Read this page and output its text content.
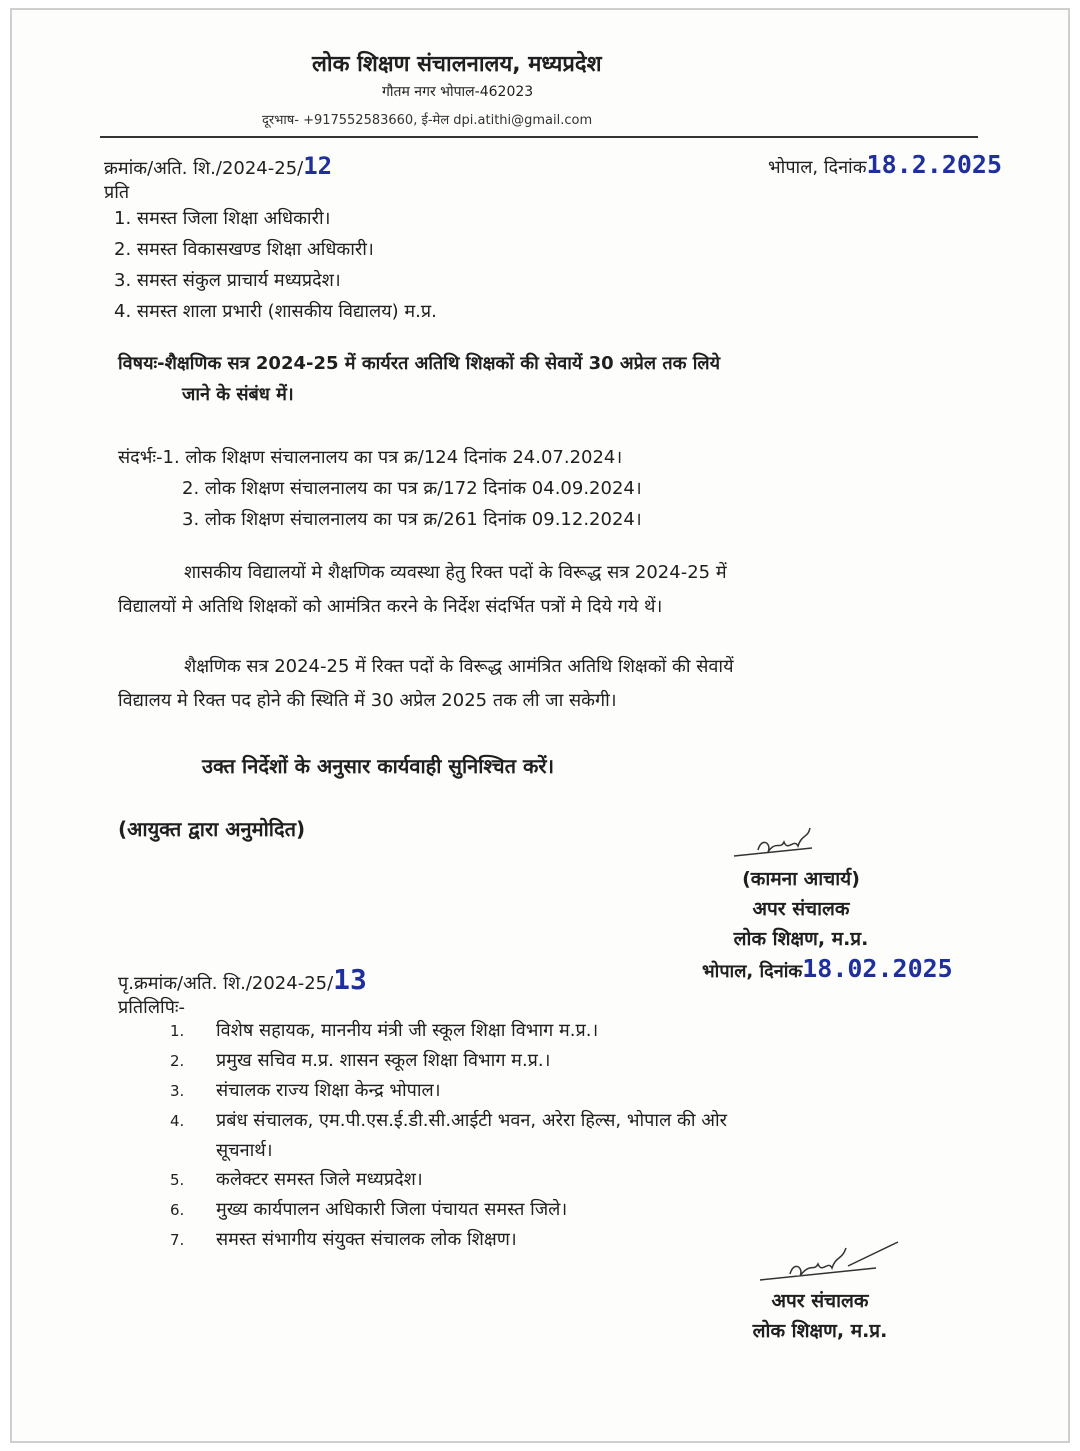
लोक शिक्षण संचालनालय, मध्यप्रदेश
गौतम नगर भोपाल-462023
दूरभाष- +917552583660, ई-मेल dpi.atithi@gmail.com
क्रमांक/अति. शि./2024-25/12	भोपाल, दिनांक18.2.2025
प्रति
1. समस्त जिला शिक्षा अधिकारी।
2. समस्त विकासखण्ड शिक्षा अधिकारी।
3. समस्त संकुल प्राचार्य मध्यप्रदेश।
4. समस्त शाला प्रभारी (शासकीय विद्यालय) म.प्र.
विषयः-शैक्षणिक सत्र 2024-25 में कार्यरत अतिथि शिक्षकों की सेवायें 30 अप्रेल तक लिये
जाने के संबंध में।
संदर्भः-1. लोक शिक्षण संचालनालय का पत्र क्र/124 दिनांक 24.07.2024।
2. लोक शिक्षण संचालनालय का पत्र क्र/172 दिनांक 04.09.2024।
3. लोक शिक्षण संचालनालय का पत्र क्र/261 दिनांक 09.12.2024।
शासकीय विद्यालयों मे शैक्षणिक व्यवस्था हेतु रिक्त पदों के विरूद्ध सत्र 2024-25 में
विद्यालयों मे अतिथि शिक्षकों को आमंत्रित करने के निर्देश संदर्भित पत्रों मे दिये गये थें।
शैक्षणिक सत्र 2024-25 में रिक्त पदों के विरूद्ध आमंत्रित अतिथि शिक्षकों की सेवायें
विद्यालय मे रिक्त पद होने की स्थिति में 30 अप्रेल 2025 तक ली जा सकेगी।
उक्त निर्देशों के अनुसार कार्यवाही सुनिश्चित करें।
(आयुक्त द्वारा अनुमोदित)
(कामना आचार्य)
अपर संचालक
लोक शिक्षण, म.प्र.
भोपाल, दिनांक18.02.2025
पृ.क्रमांक/अति. शि./2024-25/13
प्रतिलिपिः-
1. विशेष सहायक, माननीय मंत्री जी स्कूल शिक्षा विभाग म.प्र.।
2. प्रमुख सचिव म.प्र. शासन स्कूल शिक्षा विभाग म.प्र.।
3. संचालक राज्य शिक्षा केन्द्र भोपाल।
4. प्रबंध संचालक, एम.पी.एस.ई.डी.सी.आईटी भवन, अरेरा हिल्स, भोपाल की ओर
सूचनार्थ।
5. कलेक्टर समस्त जिले मध्यप्रदेश।
6. मुख्य कार्यपालन अधिकारी जिला पंचायत समस्त जिले।
7. समस्त संभागीय संयुक्त संचालक लोक शिक्षण।
अपर संचालक
लोक शिक्षण, म.प्र.
